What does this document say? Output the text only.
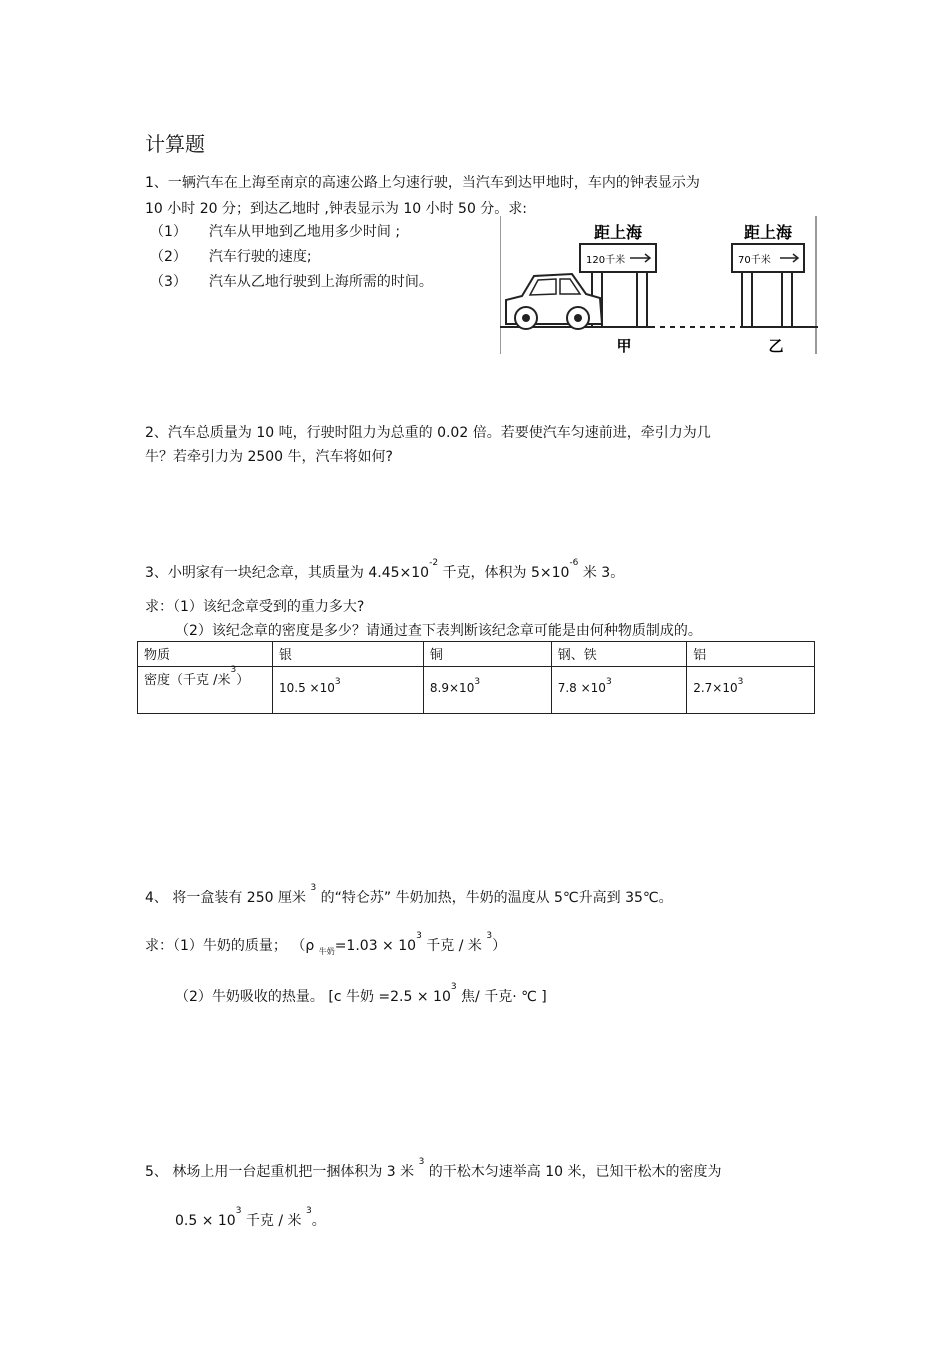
计算题
1、一辆汽车在上海至南京的高速公路上匀速行驶，当汽车到达甲地时，车内的钟表显示为
10 小时 20 分；到达乙地时 ,钟表显示为 10 小时 50 分。求:
（1） 汽车从甲地到乙地用多少时间 ;
（2） 汽车行驶的速度;
（3） 汽车从乙地行驶到上海所需的时间。
距上海
120千米
甲
距上海
70千米
乙
2、汽车总质量为 10 吨，行驶时阻力为总重的 0.02 倍。若要使汽车匀速前进，牵引力为几
牛？若牵引力为 2500 牛，汽车将如何?
3、小明家有一块纪念章，其质量为 $4.45\times 10^{-2}$ 千克，体积为 $5\times 10^{-6}$ 米 3。
求：（1）该纪念章受到的重力多大?
（2）该纪念章的密度是多少？请通过查下表判断该纪念章可能是由何种物质制成的。
物质	银	铜	钢、铁	铝
密度（千克 /米$^3$）	$10.5 \times 10^3$	$8.9\times 10^3$	$7.8 \times 10^3$	$2.7\times 10^3$
4、 将一盒装有 250 厘米 $^3$ 的“特仑苏” 牛奶加热，牛奶的温度从 5℃升高到 35℃。
求：（1）牛奶的质量； （ρ $_{牛奶}=1.03 \times 10^3$ 千克 / 米 $^3$）
（2）牛奶吸收的热量。 [c 牛奶 $=2.5 \times 10^3$ 焦/ 千克· ℃ ]
5、 林场上用一台起重机把一捆体积为 3 米 $^3$ 的干松木匀速举高 10 米，已知干松木的密度为
$0.5 \times 10^3$ 千克 / 米 $^3$。
